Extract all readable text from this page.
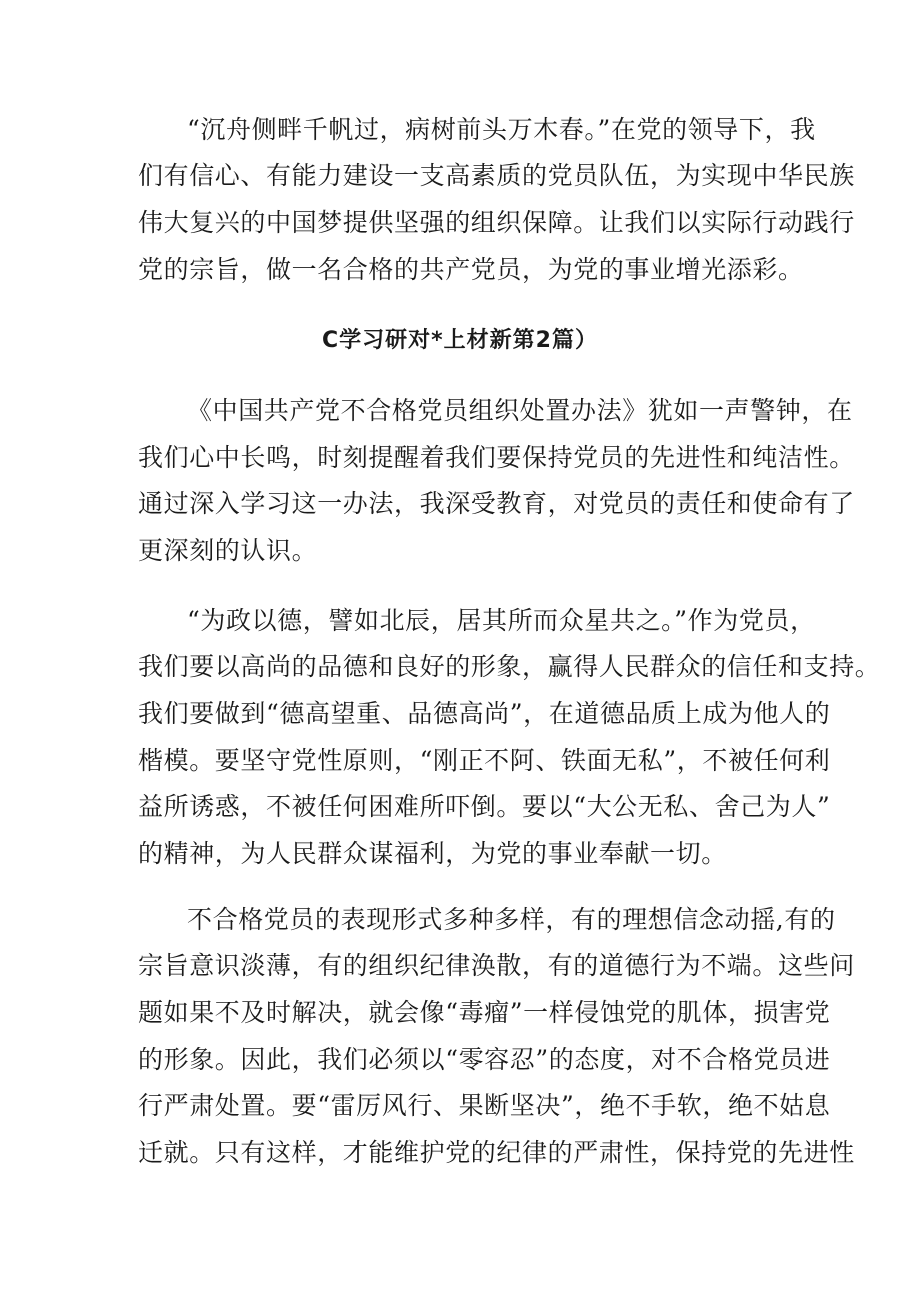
“沉舟侧畔千帆过，病树前头万木春。”在党的领导下，我
们有信心、有能力建设一支高素质的党员队伍，为实现中华民族
伟大复兴的中国梦提供坚强的组织保障。让我们以实际行动践行
党的宗旨，做一名合格的共产党员，为党的事业增光添彩。
C学习研对*上材新第2篇）
《中国共产党不合格党员组织处置办法》犹如一声警钟，在
我们心中长鸣，时刻提醒着我们要保持党员的先进性和纯洁性。
通过深入学习这一办法，我深受教育，对党员的责任和使命有了
更深刻的认识。
“为政以德，譬如北辰，居其所而众星共之。”作为党员，
我们要以高尚的品德和良好的形象，赢得人民群众的信任和支持。
我们要做到“德高望重、品德高尚”，在道德品质上成为他人的
楷模。要坚守党性原则，“刚正不阿、铁面无私”，不被任何利
益所诱惑，不被任何困难所吓倒。要以“大公无私、舍己为人”
的精神，为人民群众谋福利，为党的事业奉献一切。
不合格党员的表现形式多种多样，有的理想信念动摇,有的
宗旨意识淡薄，有的组织纪律涣散，有的道德行为不端。这些问
题如果不及时解决，就会像“毒瘤”一样侵蚀党的肌体，损害党
的形象。因此，我们必须以“零容忍”的态度，对不合格党员进
行严肃处置。要“雷厉风行、果断坚决”，绝不手软，绝不姑息
迁就。只有这样，才能维护党的纪律的严肃性，保持党的先进性
